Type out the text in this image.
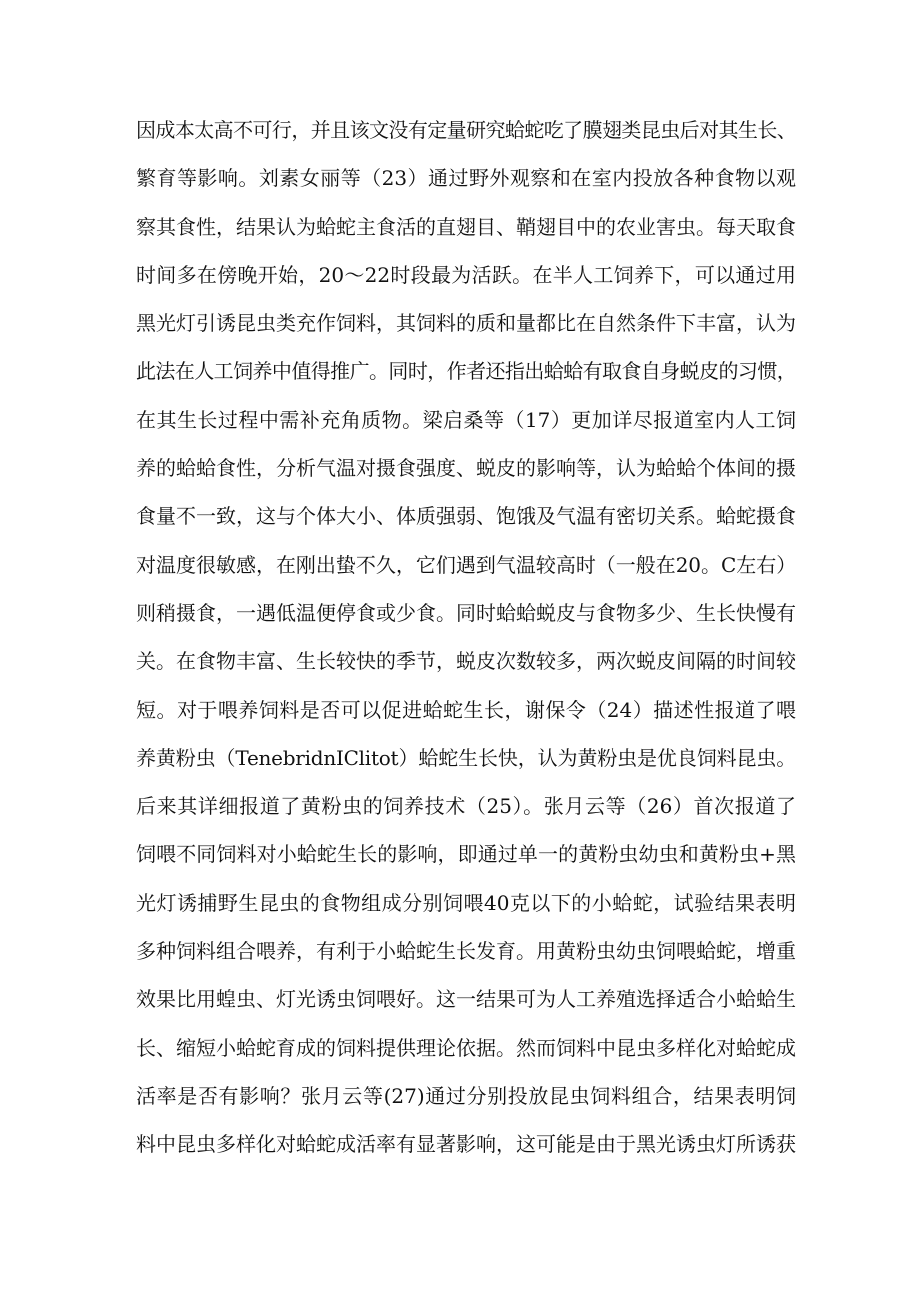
因成本太高不可行，并且该文没有定量研究蛤蛇吃了膜翅类昆虫后对其生长、
繁育等影响。刘素女丽等（23）通过野外观察和在室内投放各种食物以观
察其食性，结果认为蛤蛇主食活的直翅目、鞘翅目中的农业害虫。每天取食
时间多在傍晚开始，20～22时段最为活跃。在半人工饲养下，可以通过用
黑光灯引诱昆虫类充作饲料，其饲料的质和量都比在自然条件下丰富，认为
此法在人工饲养中值得推广。同时，作者还指出蛤蛤有取食自身蜕皮的习惯，
在其生长过程中需补充角质物。梁启桑等（17）更加详尽报道室内人工饲
养的蛤蛤食性，分析气温对摄食强度、蜕皮的影响等，认为蛤蛤个体间的摄
食量不一致，这与个体大小、体质强弱、饱饿及气温有密切关系。蛤蛇摄食
对温度很敏感，在刚出蛰不久，它们遇到气温较高时（一般在20。C左右）
则稍摄食，一遇低温便停食或少食。同时蛤蛤蜕皮与食物多少、生长快慢有
关。在食物丰富、生长较快的季节，蜕皮次数较多，两次蜕皮间隔的时间较
短。对于喂养饲料是否可以促进蛤蛇生长，谢保令（24）描述性报道了喂
养黄粉虫（TenebridnIClitot）蛤蛇生长快，认为黄粉虫是优良饲料昆虫。
后来其详细报道了黄粉虫的饲养技术（25）。张月云等（26）首次报道了
饲喂不同饲料对小蛤蛇生长的影响，即通过单一的黄粉虫幼虫和黄粉虫+黑
光灯诱捕野生昆虫的食物组成分别饲喂40克以下的小蛤蛇，试验结果表明
多种饲料组合喂养，有利于小蛤蛇生长发育。用黄粉虫幼虫饲喂蛤蛇，增重
效果比用蝗虫、灯光诱虫饲喂好。这一结果可为人工养殖选择适合小蛤蛤生
长、缩短小蛤蛇育成的饲料提供理论依据。然而饲料中昆虫多样化对蛤蛇成
活率是否有影响？张月云等(27)通过分别投放昆虫饲料组合，结果表明饲
料中昆虫多样化对蛤蛇成活率有显著影响，这可能是由于黑光诱虫灯所诱获
